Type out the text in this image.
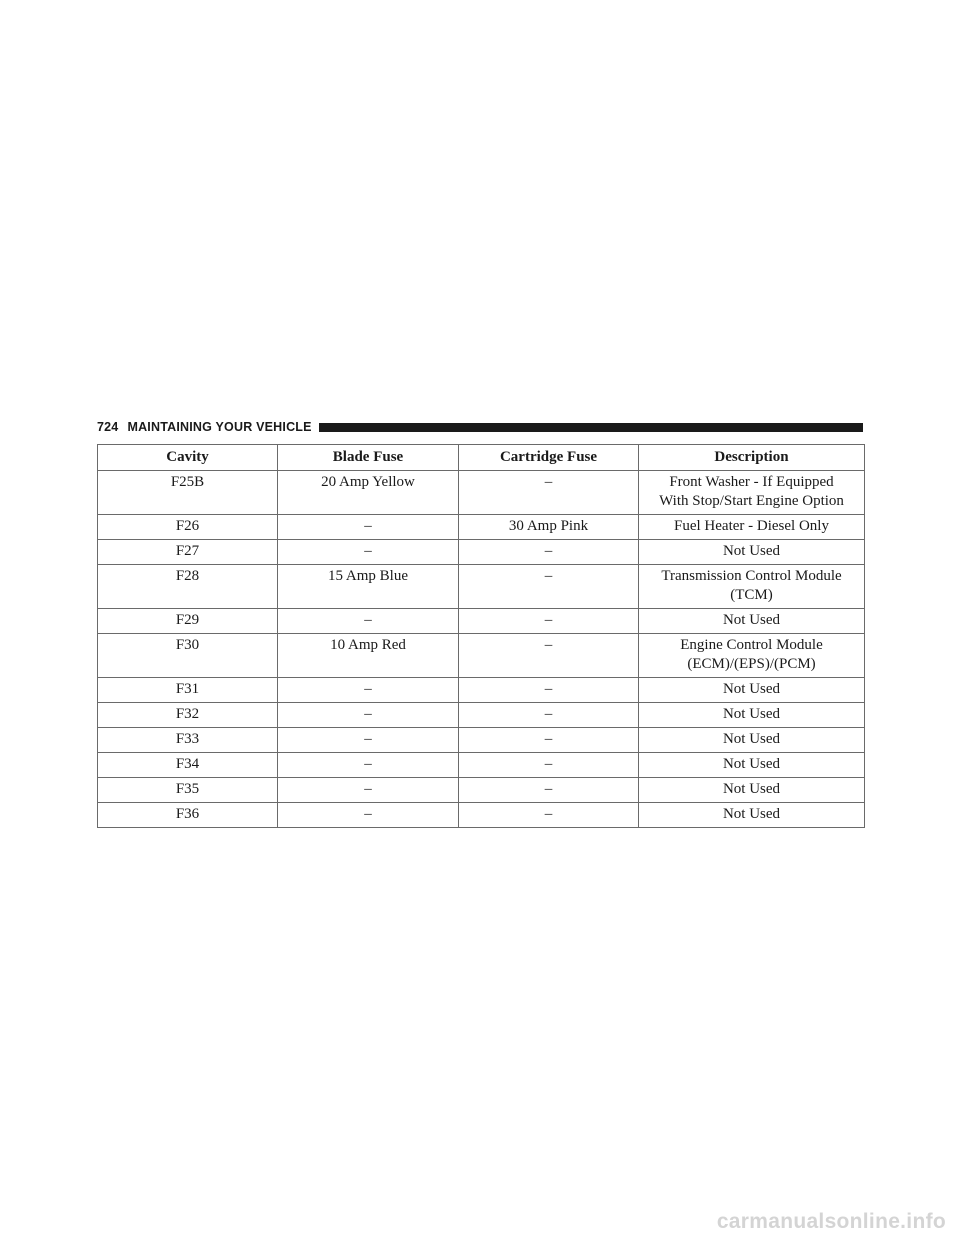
724 MAINTAINING YOUR VEHICLE
Cavity	Blade Fuse	Cartridge Fuse	Description
F25B	20 Amp Yellow	–	Front Washer - If Equipped
With Stop/Start Engine Option

F26	–	30 Amp Pink	Fuel Heater - Diesel Only

F27	–	–	Not Used

F28	15 Amp Blue	–	Transmission Control Module
(TCM)

F29	–	–	Not Used

F30	10 Amp Red	–	Engine Control Module
(ECM)/(EPS)/(PCM)

F31	–	–	Not Used

F32	–	–	Not Used

F33	–	–	Not Used

F34	–	–	Not Used

F35	–	–	Not Used

F36	–	–	Not Used
carmanualsonline.info
